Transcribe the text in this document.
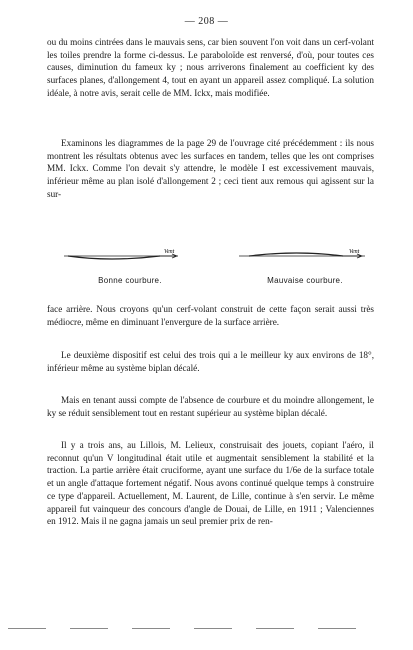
— 208 —

ou du moins cintrées dans le mauvais sens, car bien souvent l'on voit dans un cerf-volant les toiles prendre la forme ci-dessus. Le paraboloïde est renversé, d'où, pour toutes ces causes, diminution du fameux ky ; nous arriverons finalement au coefficient ky des surfaces planes, d'allongement 4, tout en ayant un appareil assez compliqué. La solution idéale, à notre avis, serait celle de MM. Ickx, mais modifiée.

Examinons les diagrammes de la page 29 de l'ouvrage cité précédemment : ils nous montrent les résultats obtenus avec les surfaces en tandem, telles que les ont comprises MM. Ickx. Comme l'on devait s'y attendre, le modèle I est excessivement mauvais, inférieur même au plan isolé d'allongement 2 ; ceci tient aux remous qui agissent sur la sur-

Vent
Bonne courbure.
Vent
Mauvaise courbure.

face arrière. Nous croyons qu'un cerf-volant construit de cette façon serait aussi très médiocre, même en diminuant l'envergure de la surface arrière.

Le deuxième dispositif est celui des trois qui a le meilleur ky aux environs de 18°, inférieur même au système biplan décalé.

Mais en tenant aussi compte de l'absence de courbure et du moindre allongement, le ky se réduit sensiblement tout en restant supérieur au système biplan décalé.

Il y a trois ans, au Lillois, M. Lelieux, construisait des jouets, copiant l'aéro, il reconnut qu'un V longitudinal était utile et augmentait sensiblement la stabilité et la traction. La partie arrière était cruciforme, ayant une surface du 1/6e de la surface totale et un angle d'attaque fortement négatif. Nous avons continué quelque temps à construire ce type d'appareil. Actuellement, M. Laurent, de Lille, continue à s'en servir. Le même appareil fut vainqueur des concours d'angle de Douai, de Lille, en 1911 ; Valenciennes en 1912. Mais il ne gagna jamais un seul premier prix de ren-
